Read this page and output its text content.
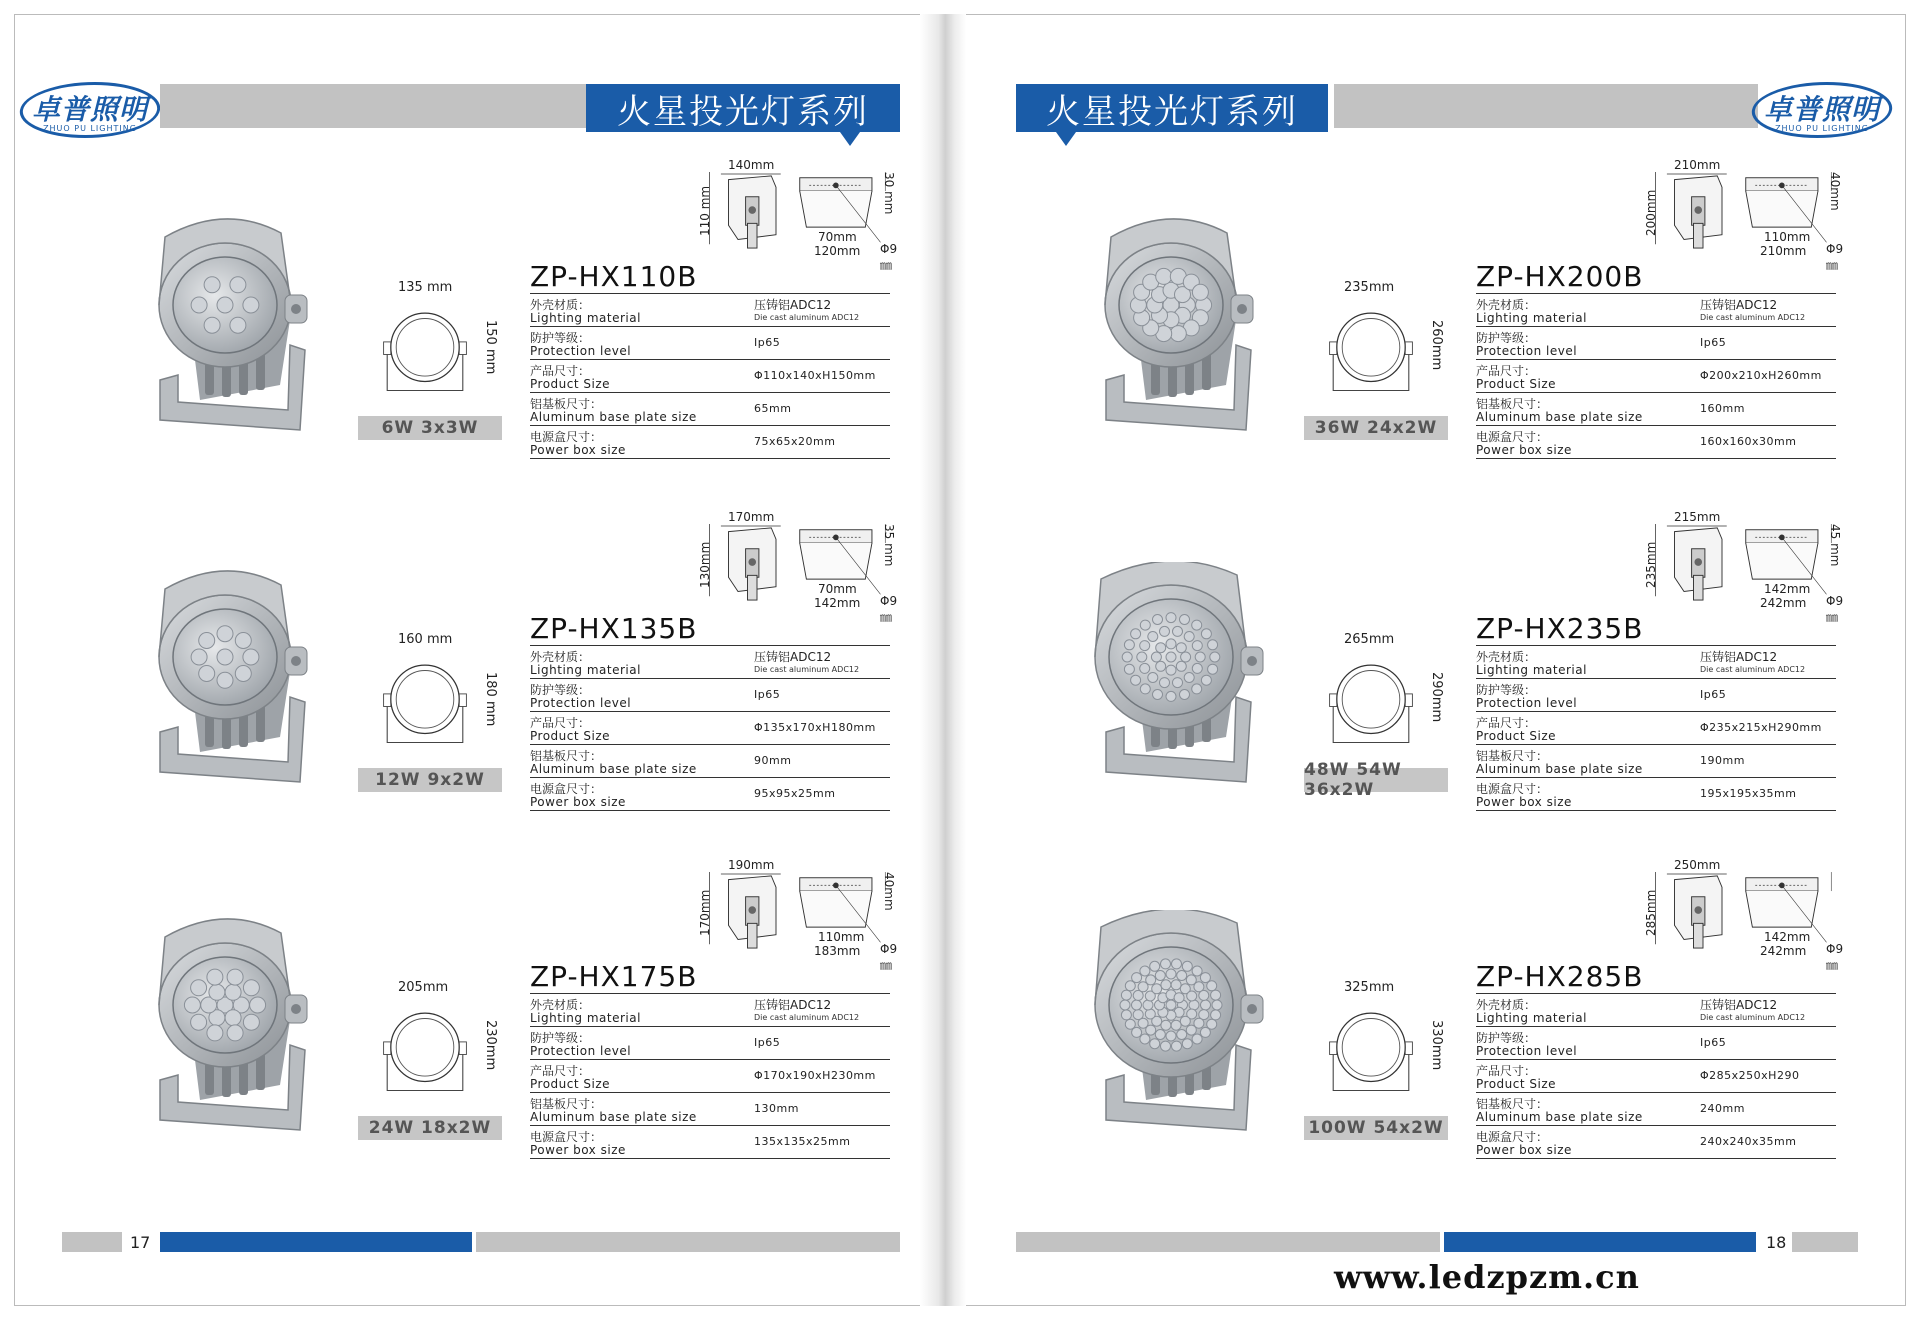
卓普照明
ZHUO PU LIGHTING	火星投光灯系列	火星投光灯系列	卓普照明
ZHUO PU LIGHTING
135 mm
150 mm
6W 3x3W
140mm
110 mm	30 mm
70mm
120mm Φ9㎜
ZP-HX110B
外壳材质：
Lighting material
压铸铝ADC12
Die cast aluminum ADC12
防护等级：
Protection level
Ip65
产品尺寸：
Product Size
Φ110x140xH150mm
铝基板尺寸：
Aluminum base plate size
65mm
电源盒尺寸：
Power box size
75x65x20mm
160 mm
180 mm
12W 9x2W
170mm
130mm	35 mm
70mm
142mm Φ9㎜
ZP-HX135B
外壳材质：
Lighting material
压铸铝ADC12
Die cast aluminum ADC12
防护等级：
Protection level
Ip65
产品尺寸：
Product Size
Φ135x170xH180mm
铝基板尺寸：
Aluminum base plate size
90mm
电源盒尺寸：
Power box size
95x95x25mm
205mm
230mm
24W 18x2W
190mm
170mm	40mm
110mm
183mm Φ9㎜
ZP-HX175B
外壳材质：
Lighting material
压铸铝ADC12
Die cast aluminum ADC12
防护等级：
Protection level
Ip65
产品尺寸：
Product Size
Φ170x190xH230mm
铝基板尺寸：
Aluminum base plate size
130mm
电源盒尺寸：
Power box size
135x135x25mm
235mm
260mm
36W 24x2W
210mm
200mm	40mm
110mm
210mm Φ9㎜
ZP-HX200B
外壳材质：
Lighting material
压铸铝ADC12
Die cast aluminum ADC12
防护等级：
Protection level
Ip65
产品尺寸：
Product Size
Φ200x210xH260mm
铝基板尺寸：
Aluminum base plate size
160mm
电源盒尺寸：
Power box size
160x160x30mm
265mm
290mm
48W 54W 36x2W
215mm
235mm	45 mm
142mm
242mm Φ9㎜
ZP-HX235B
外壳材质：
Lighting material
压铸铝ADC12
Die cast aluminum ADC12
防护等级：
Protection level
Ip65
产品尺寸：
Product Size
Φ235x215xH290mm
铝基板尺寸：
Aluminum base plate size
190mm
电源盒尺寸：
Power box size
195x195x35mm
325mm
330mm
100W 54x2W
250mm
285mm
142mm
242mm Φ9㎜
ZP-HX285B
外壳材质：
Lighting material
压铸铝ADC12
Die cast aluminum ADC12
防护等级：
Protection level
Ip65
产品尺寸：
Product Size
Φ285x250xH290
铝基板尺寸：
Aluminum base plate size
240mm
电源盒尺寸：
Power box size
240x240x35mm
17	18
www.ledzpzm.cn
